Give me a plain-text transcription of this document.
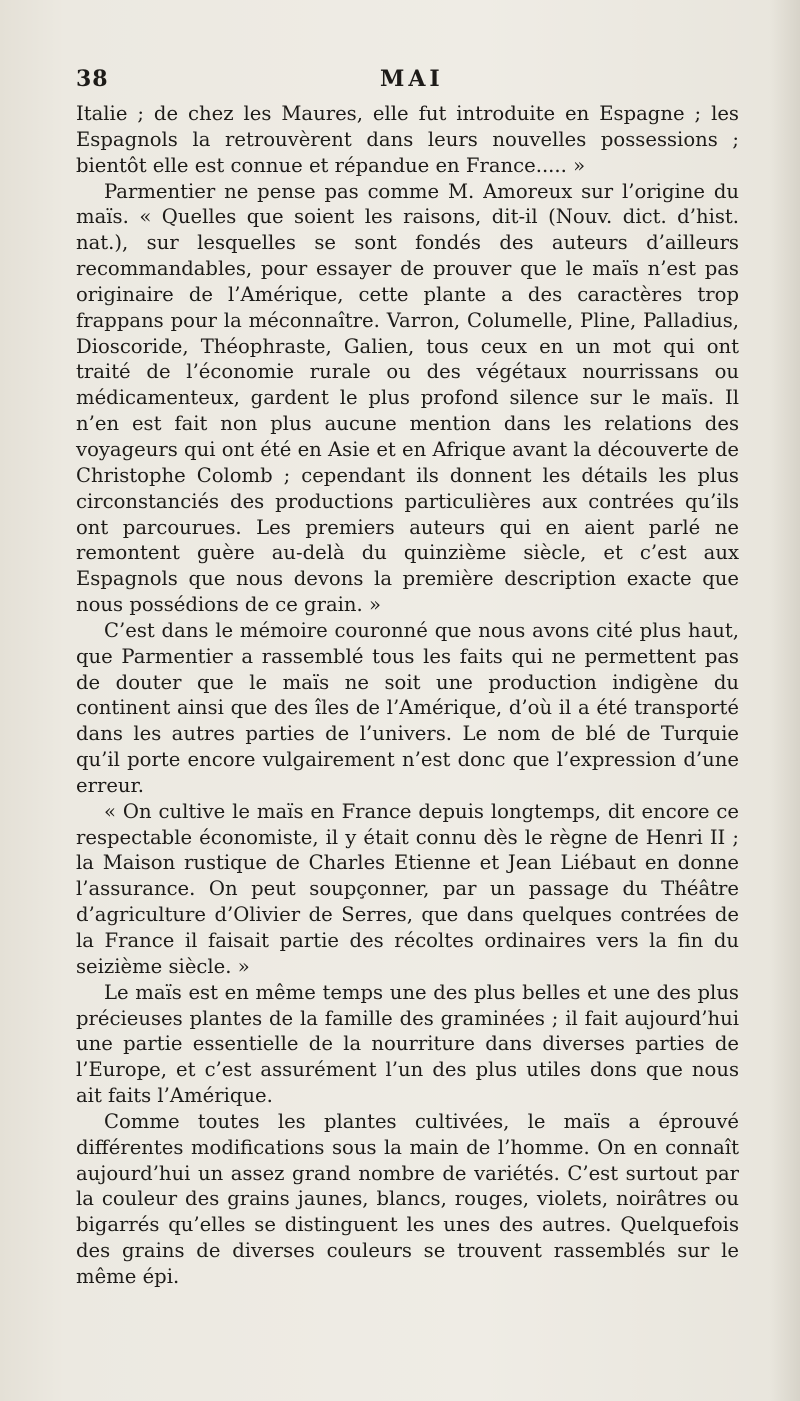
38	MAI

Italie ; de chez les Maures, elle fut introduite en Espagne ; les Espagnols la retrouvèrent dans leurs nouvelles possessions ; bientôt elle est connue et répandue en France..... »

Parmentier ne pense pas comme M. Amoreux sur l’origine du maïs. « Quelles que soient les raisons, dit-il (Nouv. dict. d’hist. nat.), sur lesquelles se sont fondés des auteurs d’ailleurs recommandables, pour essayer de prouver que le maïs n’est pas originaire de l’Amérique, cette plante a des caractères trop frappans pour la méconnaître. Varron, Columelle, Pline, Palladius, Dioscoride, Théophraste, Galien, tous ceux en un mot qui ont traité de l’économie rurale ou des végétaux nourrissans ou médicamenteux, gardent le plus profond silence sur le maïs. Il n’en est fait non plus aucune mention dans les relations des voyageurs qui ont été en Asie et en Afrique avant la découverte de Christophe Colomb ; cependant ils donnent les détails les plus circonstanciés des productions particulières aux contrées qu’ils ont parcourues. Les premiers auteurs qui en aient parlé ne remontent guère au-delà du quinzième siècle, et c’est aux Espagnols que nous devons la première description exacte que nous possédions de ce grain. »

C’est dans le mémoire couronné que nous avons cité plus haut, que Parmentier a rassemblé tous les faits qui ne permettent pas de douter que le maïs ne soit une production indigène du continent ainsi que des îles de l’Amérique, d’où il a été transporté dans les autres parties de l’univers. Le nom de blé de Turquie qu’il porte encore vulgairement n’est donc que l’expression d’une erreur.

« On cultive le maïs en France depuis longtemps, dit encore ce respectable économiste, il y était connu dès le règne de Henri II ; la Maison rustique de Charles Etienne et Jean Liébaut en donne l’assurance. On peut soupçonner, par un passage du Théâtre d’agriculture d’Olivier de Serres, que dans quelques contrées de la France il faisait partie des récoltes ordinaires vers la fin du seizième siècle. »

Le maïs est en même temps une des plus belles et une des plus précieuses plantes de la famille des graminées ; il fait aujourd’hui une partie essentielle de la nourriture dans diverses parties de l’Europe, et c’est assurément l’un des plus utiles dons que nous ait faits l’Amérique.

Comme toutes les plantes cultivées, le maïs a éprouvé différentes modifications sous la main de l’homme. On en connaît aujourd’hui un assez grand nombre de variétés. C’est surtout par la couleur des grains jaunes, blancs, rouges, violets, noirâtres ou bigarrés qu’elles se distinguent les unes des autres. Quelquefois des grains de diverses couleurs se trouvent rassemblés sur le même épi.
